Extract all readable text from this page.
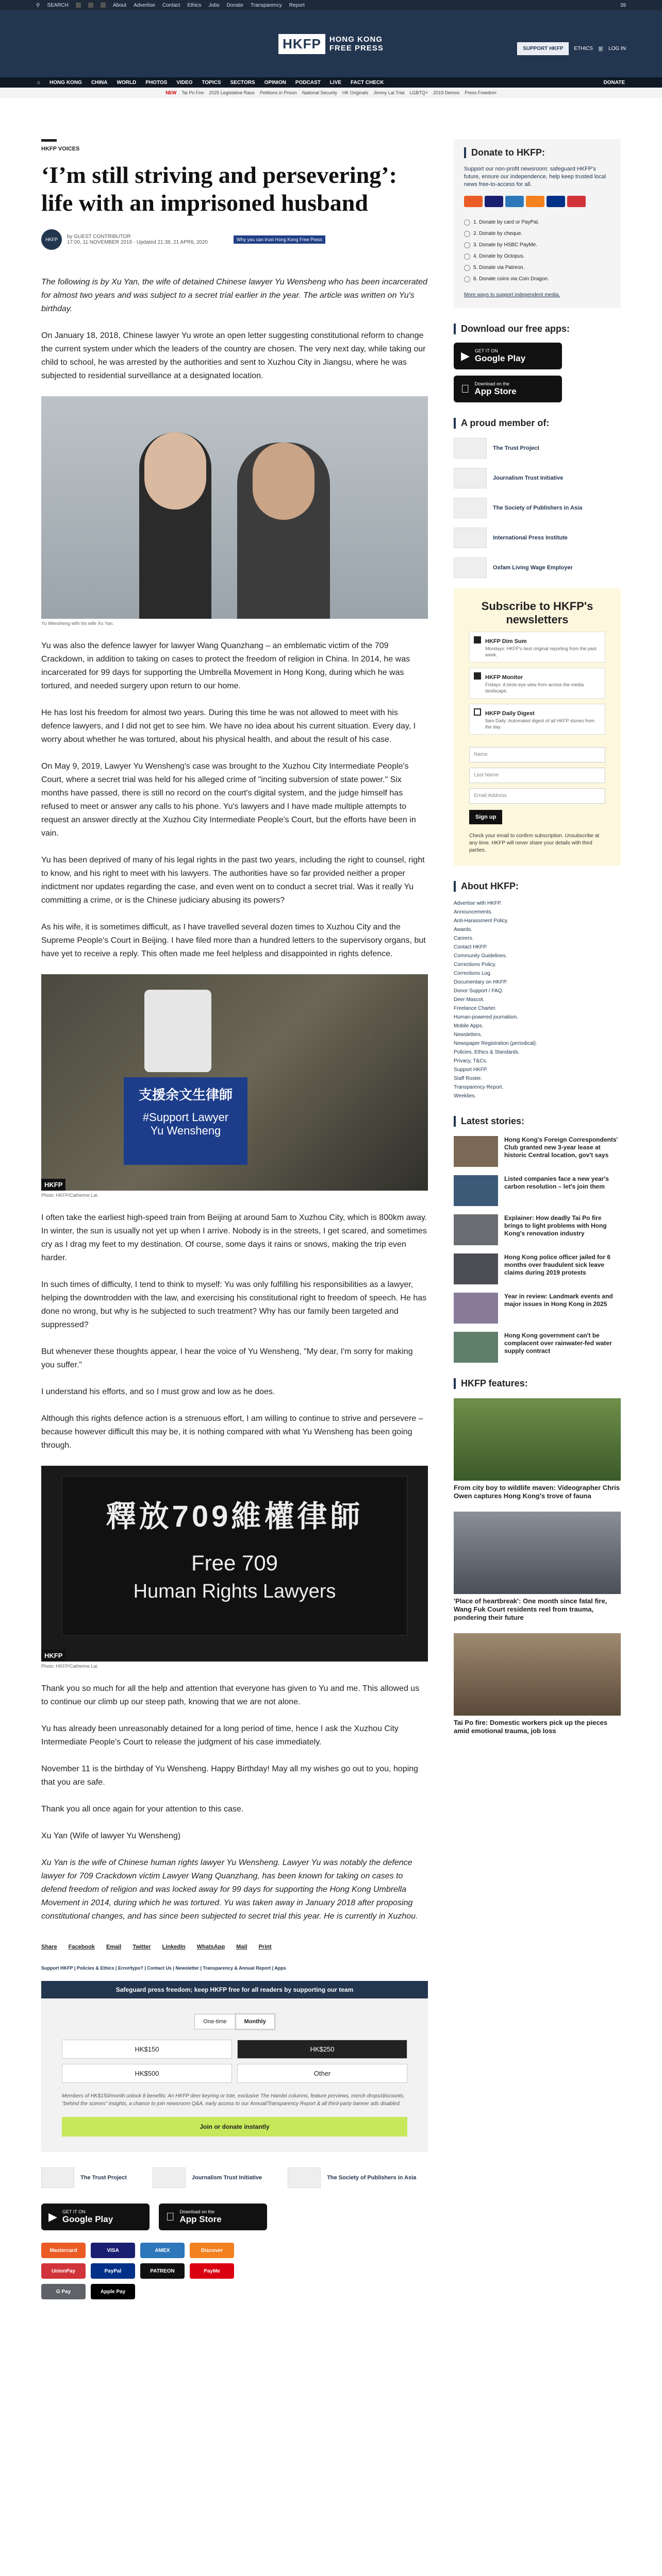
⚲ SEARCH	About Advertise Contact Ethics Jobs Donate Transparency Report	39
HKFP	HONG KONG
FREE PRESS	SUPPORT HKFP	ETHICS 繁 LOG IN
⌂ HONG KONG CHINA WORLD PHOTOS VIDEO TOPICS SECTORS OPINION PODCAST LIVE FACT CHECK	DONATE
NEW Tai Po Fire 2025 Legislative Race Petitions in Prison National Security HK Originals Jimmy Lai Trial LGBTQ+ 2019 Demos Press Freedom
HKFP VOICES
‘I’m still striving and persevering’: life with an imprisoned husband
HKFP	by GUEST CONTRIBUTOR
17:00, 11 NOVEMBER 2019 · Updated 21:38, 21 APRIL 2020	Why you can trust Hong Kong Free Press

The following is by Xu Yan, the wife of detained Chinese lawyer Yu Wensheng who has been incarcerated for almost two years and was subject to a secret trial earlier in the year. The article was written on Yu's birthday.

On January 18, 2018, Chinese lawyer Yu wrote an open letter suggesting constitutional reform to change the current system under which the leaders of the country are chosen. The very next day, while taking our child to school, he was arrested by the authorities and sent to Xuzhou City in Jiangsu, where he was subjected to residential surveillance at a designated location.

Yu Wensheng with his wife Xu Yan.

Yu was also the defence lawyer for lawyer Wang Quanzhang – an emblematic victim of the 709 Crackdown, in addition to taking on cases to protect the freedom of religion in China. In 2014, he was incarcerated for 99 days for supporting the Umbrella Movement in Hong Kong, during which he was tortured, and needed surgery upon return to our home.

He has lost his freedom for almost two years. During this time he was not allowed to meet with his defence lawyers, and I did not get to see him. We have no idea about his current situation. Every day, I worry about whether he was tortured, about his physical health, and about the result of his case.

On May 9, 2019, Lawyer Yu Wensheng's case was brought to the Xuzhou City Intermediate People's Court, where a secret trial was held for his alleged crime of "inciting subversion of state power." Six months have passed, there is still no record on the court's digital system, and the judge himself has refused to meet or answer any calls to his phone. Yu's lawyers and I have made multiple attempts to request an answer directly at the Xuzhou City Intermediate People's Court, but the efforts have been in vain.

Yu has been deprived of many of his legal rights in the past two years, including the right to counsel, right to know, and his right to meet with his lawyers. The authorities have so far provided neither a proper indictment nor updates regarding the case, and even went on to conduct a secret trial. Was it really Yu committing a crime, or is the Chinese judiciary abusing its powers?

As his wife, it is sometimes difficult, as I have travelled several dozen times to Xuzhou City and the Supreme People's Court in Beijing. I have filed more than a hundred letters to the supervisory organs, but have yet to receive a reply. This often made me feel helpless and disappointed in rights defence.

支援余文生律師
#Support Lawyer
Yu Wensheng
HKFP
Photo: HKFP/Catherine Lai.

I often take the earliest high-speed train from Beijing at around 5am to Xuzhou City, which is 800km away. In winter, the sun is usually not yet up when I arrive. Nobody is in the streets, I get scared, and sometimes cry as I drag my feet to my destination. Of course, some days it rains or snows, making the trip even harder.

In such times of difficulty, I tend to think to myself: Yu was only fulfilling his responsibilities as a lawyer, helping the downtrodden with the law, and exercising his constitutional right to freedom of speech. He has done no wrong, but why is he subjected to such treatment? Why has our family been targeted and suppressed?

But whenever these thoughts appear, I hear the voice of Yu Wensheng, "My dear, I'm sorry for making you suffer."

I understand his efforts, and so I must grow and low as he does.

Although this rights defence action is a strenuous effort, I am willing to continue to strive and persevere – because however difficult this may be, it is nothing compared with what Yu Wensheng has been going through.

釋放709維權律師
Free 709
Human Rights Lawyers
HKFP
Photo: HKFP/Catherine Lai.

Thank you so much for all the help and attention that everyone has given to Yu and me. This allowed us to continue our climb up our steep path, knowing that we are not alone.

Yu has already been unreasonably detained for a long period of time, hence I ask the Xuzhou City Intermediate People's Court to release the judgment of his case immediately.

November 11 is the birthday of Yu Wensheng. Happy Birthday! May all my wishes go out to you, hoping that you are safe.

Thank you all once again for your attention to this case.

Xu Yan (Wife of lawyer Yu Wensheng)

Xu Yan is the wife of Chinese human rights lawyer Yu Wensheng. Lawyer Yu was notably the defence lawyer for 709 Crackdown victim Lawyer Wang Quanzhang, has been known for taking on cases to defend freedom of religion and was locked away for 99 days for supporting the Hong Kong Umbrella Movement in 2014, during which he was tortured. Yu was taken away in January 2018 after proposing constitutional changes, and has since been subjected to secret trial this year. He is currently in Xuzhou.

Share Facebook Email Twitter LinkedIn WhatsApp Mail Print
Support HKFP | Policies & Ethics | Error/typo? | Contact Us | Newsletter | Transparency & Annual Report | Apps
Safeguard press freedom; keep HKFP free for all readers by supporting our team
One-time	Monthly
HK$150	HK$250
HK$500	Other

Members of HK$150/month unlock 8 benefits: An HKFP deer keyring or tote, exclusive The Hamlet columns, feature previews, merch drops/discounts, “behind the scenes” insights, a chance to join newsroom Q&A, early access to our Annual/Transparency Report & all third-party banner ads disabled.

Join or donate instantly
The Trust Project	Journalism Trust Initiative	The Society of Publishers in Asia
▶ GET IT ON
Google Play
Download on the
App Store
Mastercard	VISA	AMEX	Discover
UnionPay	PayPal	PATREON	PayMe
G Pay	Apple Pay
Donate to HKFP:

Support our non-profit newsroom: safeguard HKFP's future, ensure our independence, help keep trusted local news free-to-access for all.

1. Donate by card or PayPal.
2. Donate by cheque.
3. Donate by HSBC PayMe.
4. Donate by Octopus.
5. Donate via Patreon.
6. Donate coins via Coin Dragon.
More ways to support independent media.
Download our free apps:
▶ GET IT ON
Google Play
Download on the
App Store
A proud member of:
The Trust Project
Journalism Trust Initiative
The Society of Publishers in Asia
International Press Institute
Oxfam Living Wage Employer
Subscribe to HKFP's newsletters
HKFP Dim Sum

Mondays: HKFP's best original reporting from the past week.

HKFP Monitor

Fridays: A birds-eye view from across the media landscape.

HKFP Daily Digest

9am Daily: Automated digest of all HKFP stories from the day.

Name
Last Name
Email Address
Sign up

Check your email to confirm subscription. Unsubscribe at any time. HKFP will never share your details with third parties.

About HKFP:
Advertise with HKFP.
Announcements.
Anti-Harassment Policy.
Awards.
Careers.
Contact HKFP.
Community Guidelines.
Corrections Policy.
Corrections Log.
Documentary on HKFP.
Donor Support / FAQ.
Deer Mascot.
Freelance Charter.
Human-powered journalism.
Mobile Apps.
Newsletters.
Newspaper Registration (periodical).
Policies, Ethics & Standards.
Privacy, T&Cs.
Support HKFP.
Staff Roster.
Transparency Report.
Weeklies.
Latest stories:

Hong Kong's Foreign Correspondents' Club granted new 3-year lease at historic Central location, gov't says

Listed companies face a new year's carbon resolution – let's join them

Explainer: How deadly Tai Po fire brings to light problems with Hong Kong's renovation industry

Hong Kong police officer jailed for 6 months over fraudulent sick leave claims during 2019 protests

Year in review: Landmark events and major issues in Hong Kong in 2025

Hong Kong government can't be complacent over rainwater-fed water supply contract

HKFP features:

From city boy to wildlife maven: Videographer Chris Owen captures Hong Kong's trove of fauna

'Place of heartbreak': One month since fatal fire, Wang Fuk Court residents reel from trauma, pondering their future

Tai Po fire: Domestic workers pick up the pieces amid emotional trauma, job loss
